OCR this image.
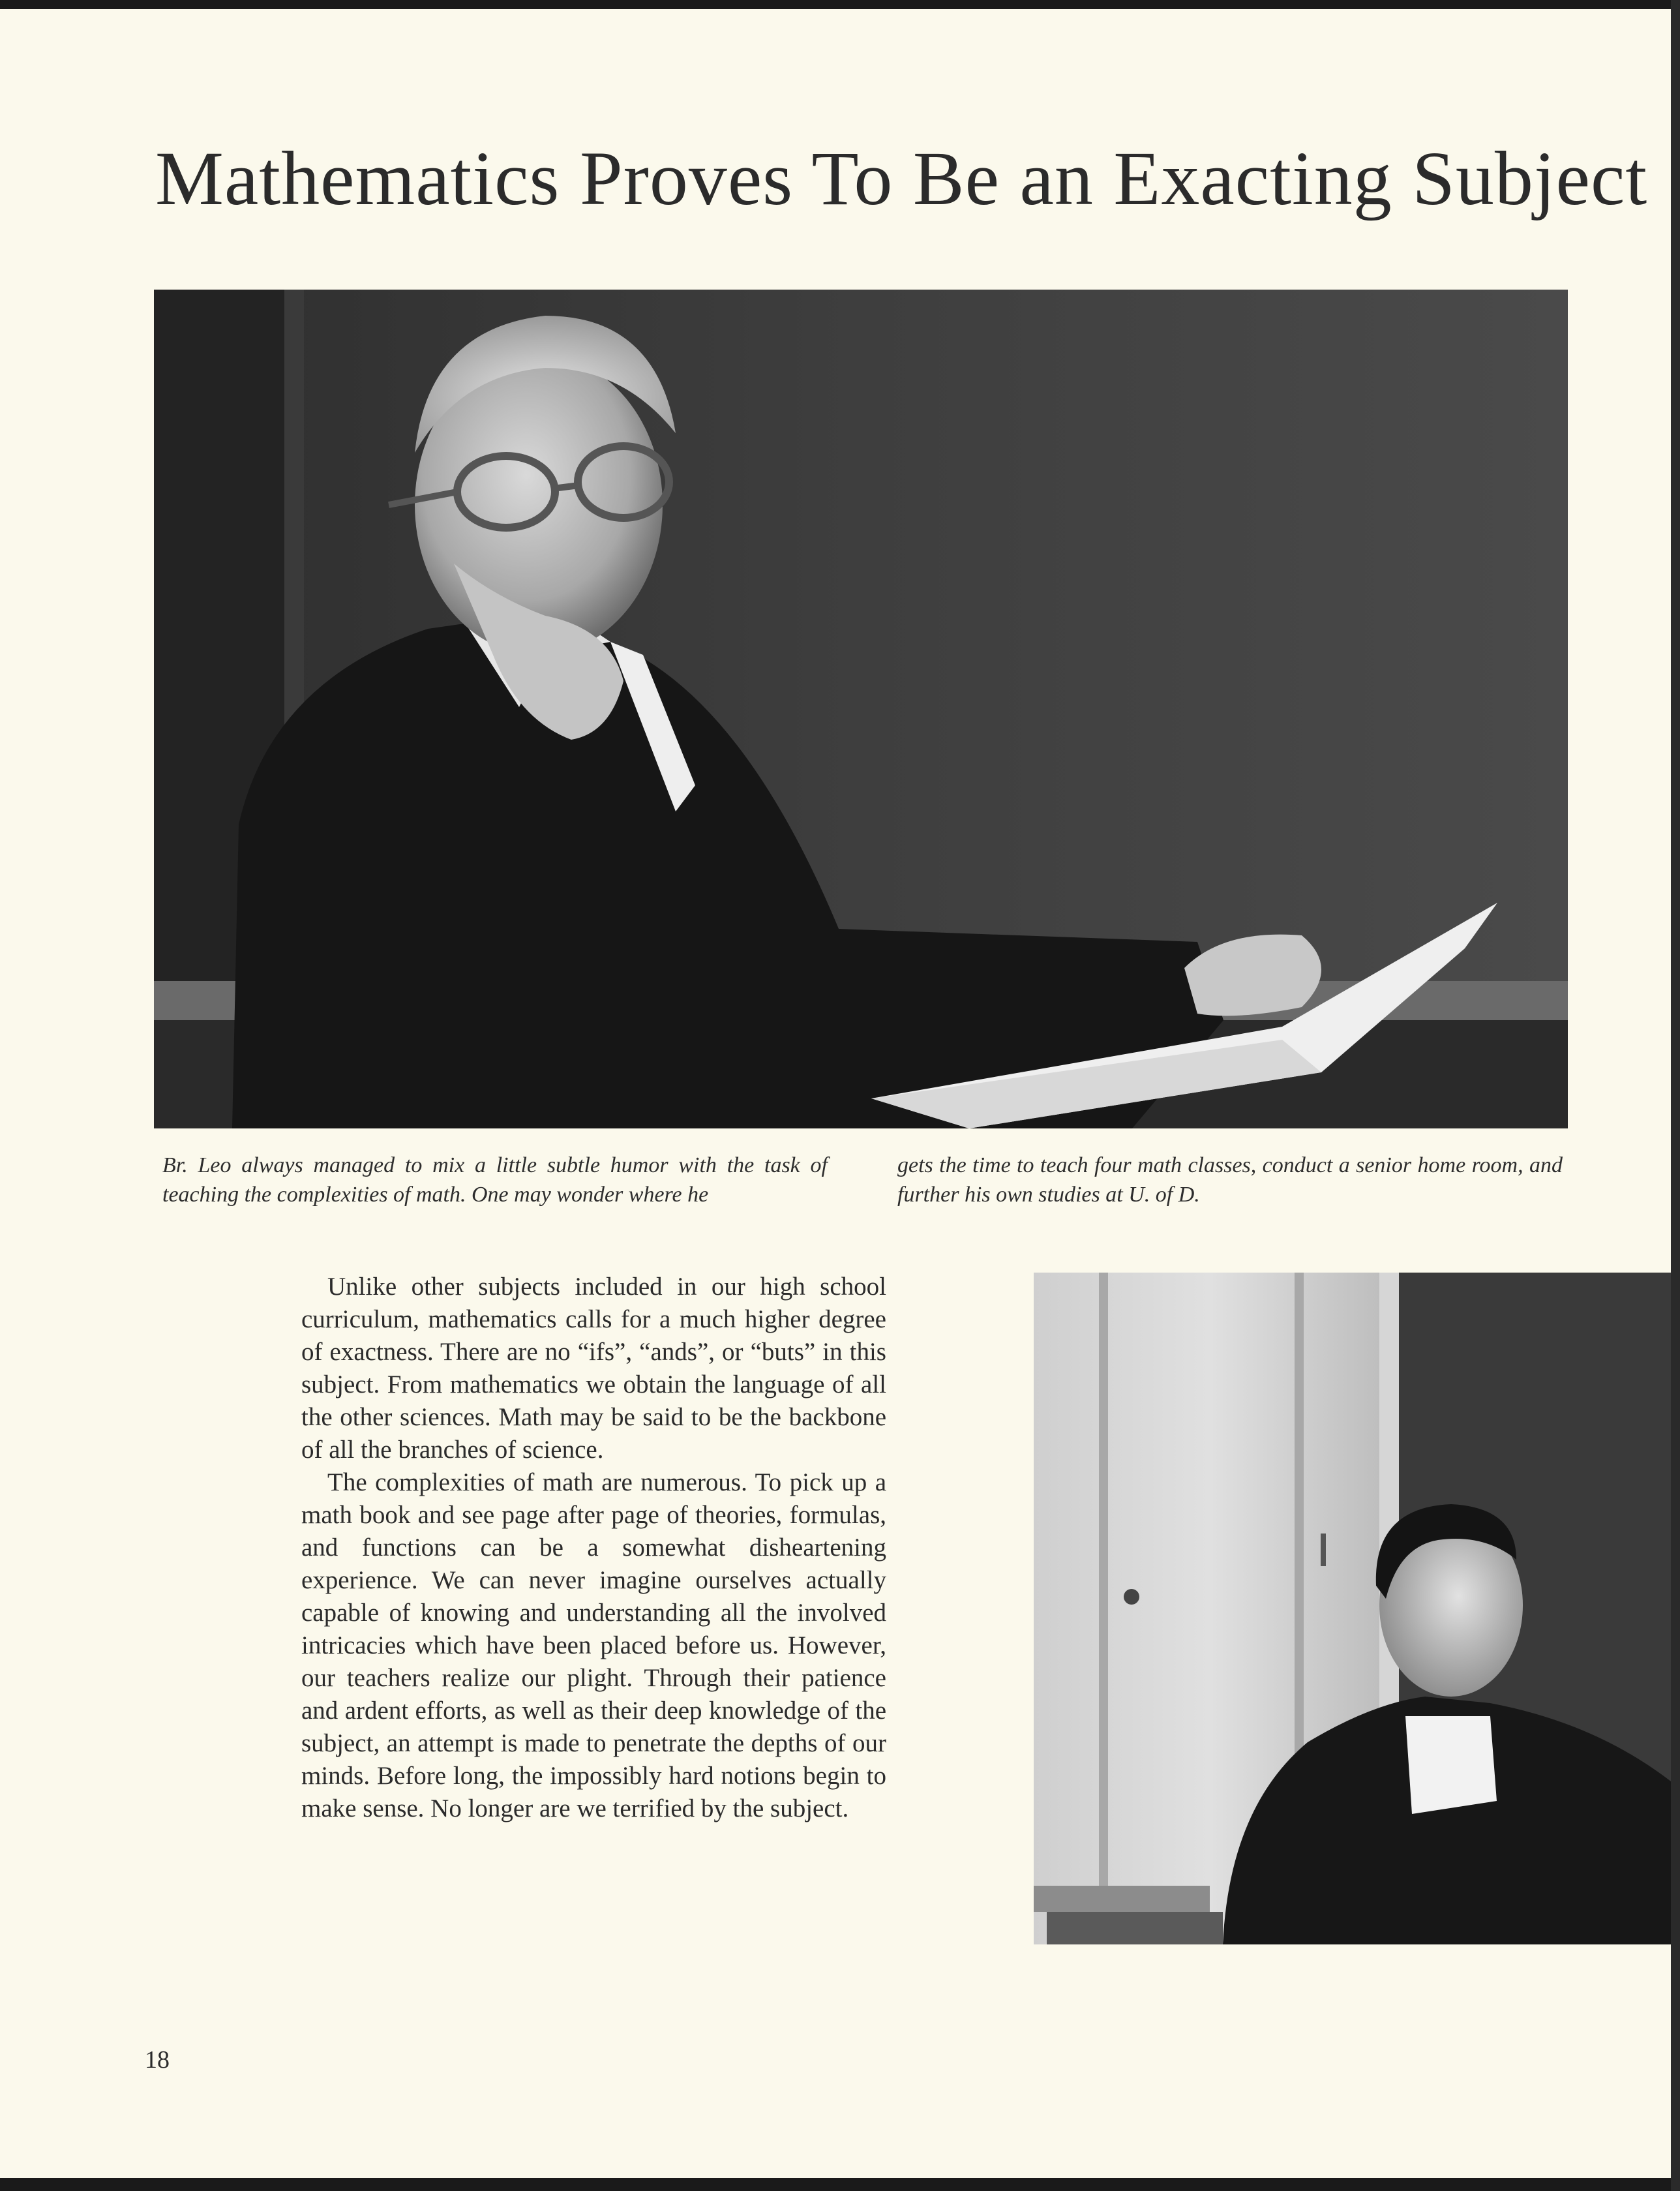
Mathematics Proves To Be an Exacting Subject
Br. Leo always managed to mix a little subtle humor with the task of teaching the complexities of math. One may wonder where he
gets the time to teach four math classes, conduct a senior home room, and further his own studies at U. of D.

Unlike other subjects included in our high school curriculum, mathematics calls for a much higher degree of exactness. There are no “ifs”, “ands”, or “buts” in this subject. From mathematics we obtain the language of all the other sciences. Math may be said to be the backbone of all the branches of science.

The complexities of math are numerous. To pick up a math book and see page after page of theories, formulas, and functions can be a somewhat disheartening experience. We can never imagine ourselves actually capable of knowing and understanding all the involved intricacies which have been placed before us. However, our teachers realize our plight. Through their patience and ardent efforts, as well as their deep knowledge of the subject, an attempt is made to penetrate the depths of our minds. Before long, the impossibly hard notions begin to make sense. No longer are we terrified by the subject.

18
